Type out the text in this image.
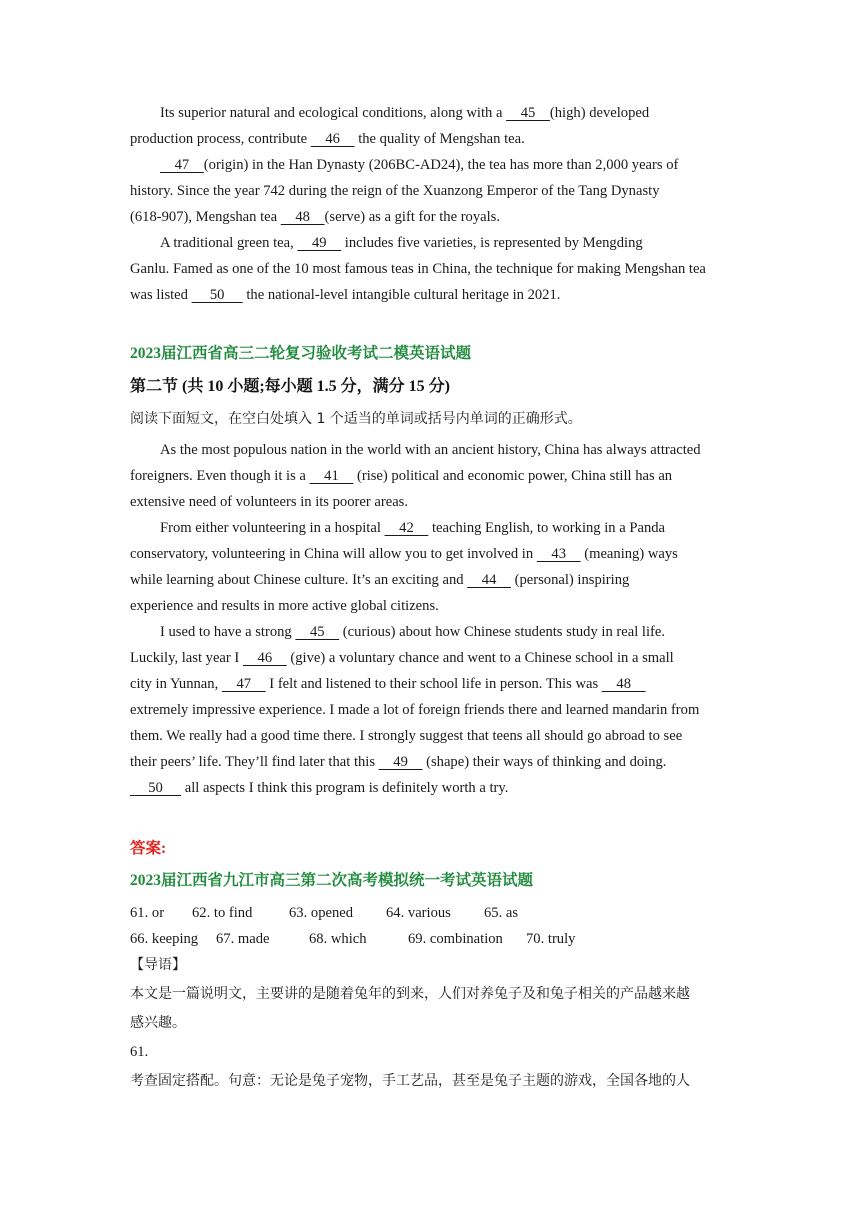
Its superior natural and ecological conditions, along with a     45    (high) developed
production process, contribute     46     the quality of Mengshan tea.
47    (origin) in the Han Dynasty (206BC-AD24), the tea has more than 2,000 years of
history. Since the year 742 during the reign of the Xuanzong Emperor of the Tang Dynasty
(618-907), Mengshan tea     48    (serve) as a gift for the royals.
A traditional green tea,     49     includes five varieties, is represented by Mengding
Ganlu. Famed as one of the 10 most famous teas in China, the technique for making Mengshan tea
was listed      50      the national-level intangible cultural heritage in 2021.
2023届江西省高三二轮复习验收考试二模英语试题
第二节 (共 10 小题;每小题 1.5 分，满分 15 分)
阅读下面短文，在空白处填入 1 个适当的单词或括号内单词的正确形式。
As the most populous nation in the world with an ancient history, China has always attracted
foreigners. Even though it is a     41     (rise) political and economic power, China still has an
extensive need of volunteers in its poorer areas.
From either volunteering in a hospital     42     teaching English, to working in a Panda
conservatory, volunteering in China will allow you to get involved in     43     (meaning) ways
while learning about Chinese culture. It’s an exciting and     44     (personal) inspiring
experience and results in more active global citizens.
I used to have a strong     45     (curious) about how Chinese students study in real life.
Luckily, last year I     46     (give) a voluntary chance and went to a Chinese school in a small
city in Yunnan,     47     I felt and listened to their school life in person. This was     48
extremely impressive experience. I made a lot of foreign friends there and learned mandarin from
them. We really had a good time there. I strongly suggest that teens all should go abroad to see
their peers’ life. They’ll find later that this     49     (shape) their ways of thinking and doing.
50      all aspects I think this program is definitely worth a try.
答案:
2023届江西省九江市高三第二次高考模拟统一考试英语试题
61. or 62. to find	63. opened 64. various 65. as
66. keeping 67. made	68. which	69. combination 70. truly
【导语】
本文是一篇说明文，主要讲的是随着兔年的到来，人们对养兔子及和兔子相关的产品越来越
感兴趣。
61.
考查固定搭配。句意：无论是兔子宠物，手工艺品，甚至是兔子主题的游戏，全国各地的人
